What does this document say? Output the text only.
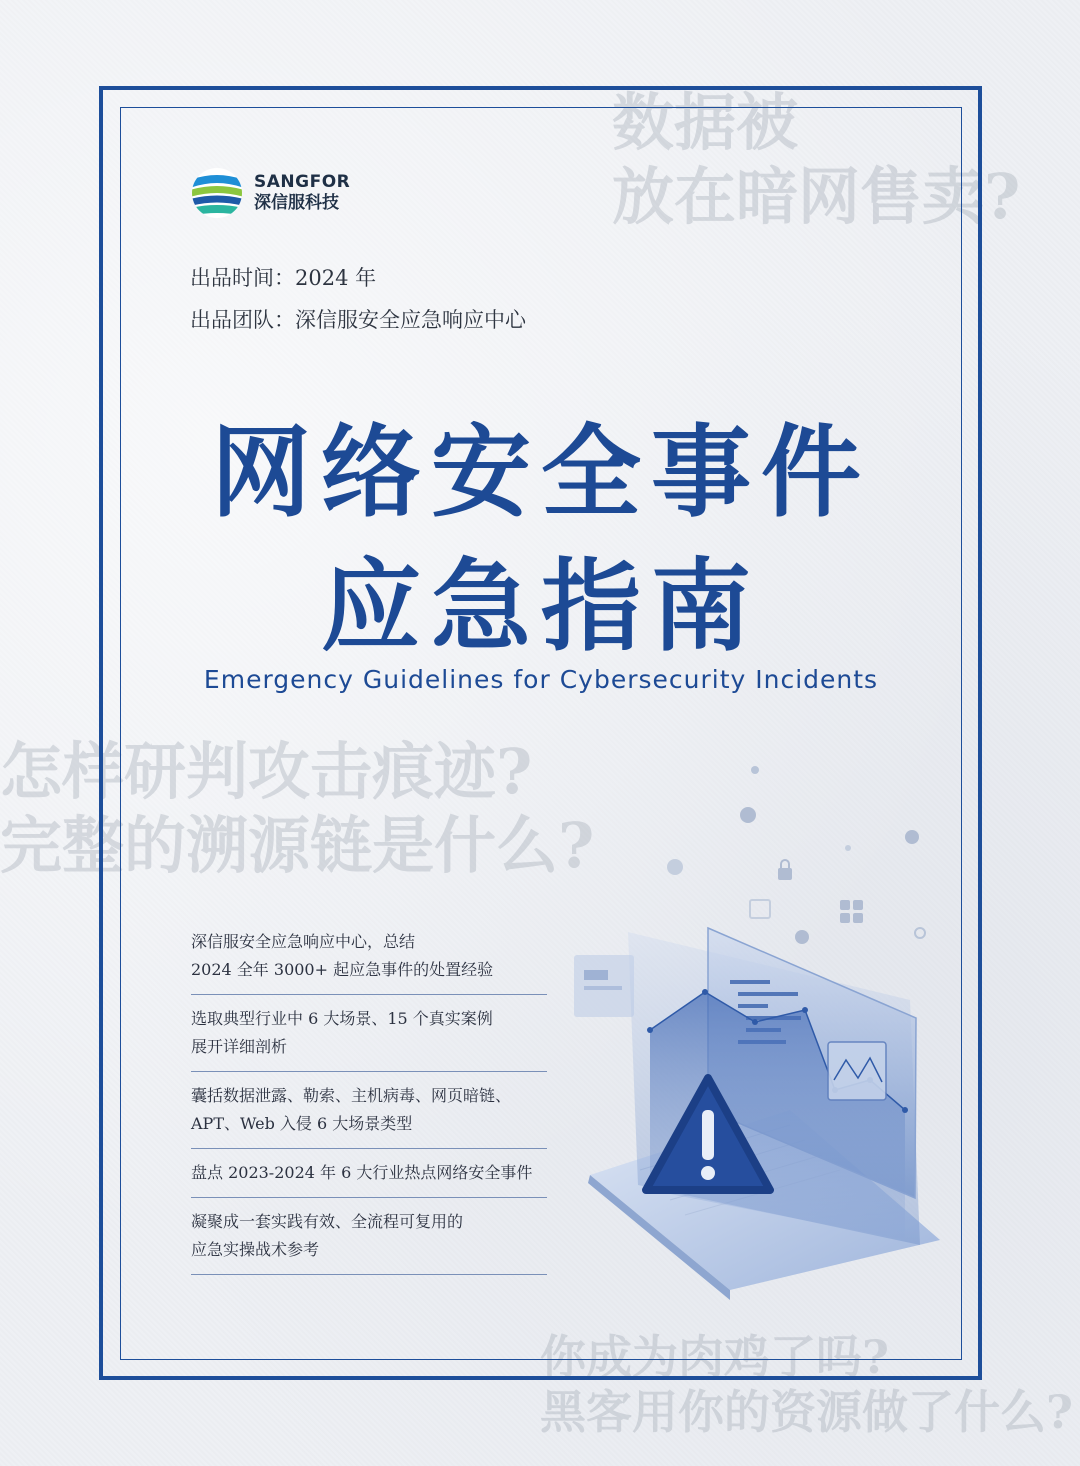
数据被
放在暗网售卖?
怎样研判攻击痕迹?
完整的溯源链是什么?
你成为肉鸡了吗?
黑客用你的资源做了什么?
SANGFOR
深信服科技
出品时间：2024 年
出品团队：深信服安全应急响应中心
网络安全事件
应急指南
Emergency Guidelines for Cybersecurity Incidents
深信服安全应急响应中心，总结
2024 全年 3000+ 起应急事件的处置经验
选取典型行业中 6 大场景、15 个真实案例
展开详细剖析
囊括数据泄露、勒索、主机病毒、网页暗链、
APT、Web 入侵 6 大场景类型
盘点 2023-2024 年 6 大行业热点网络安全事件
凝聚成一套实践有效、全流程可复用的
应急实操战术参考
